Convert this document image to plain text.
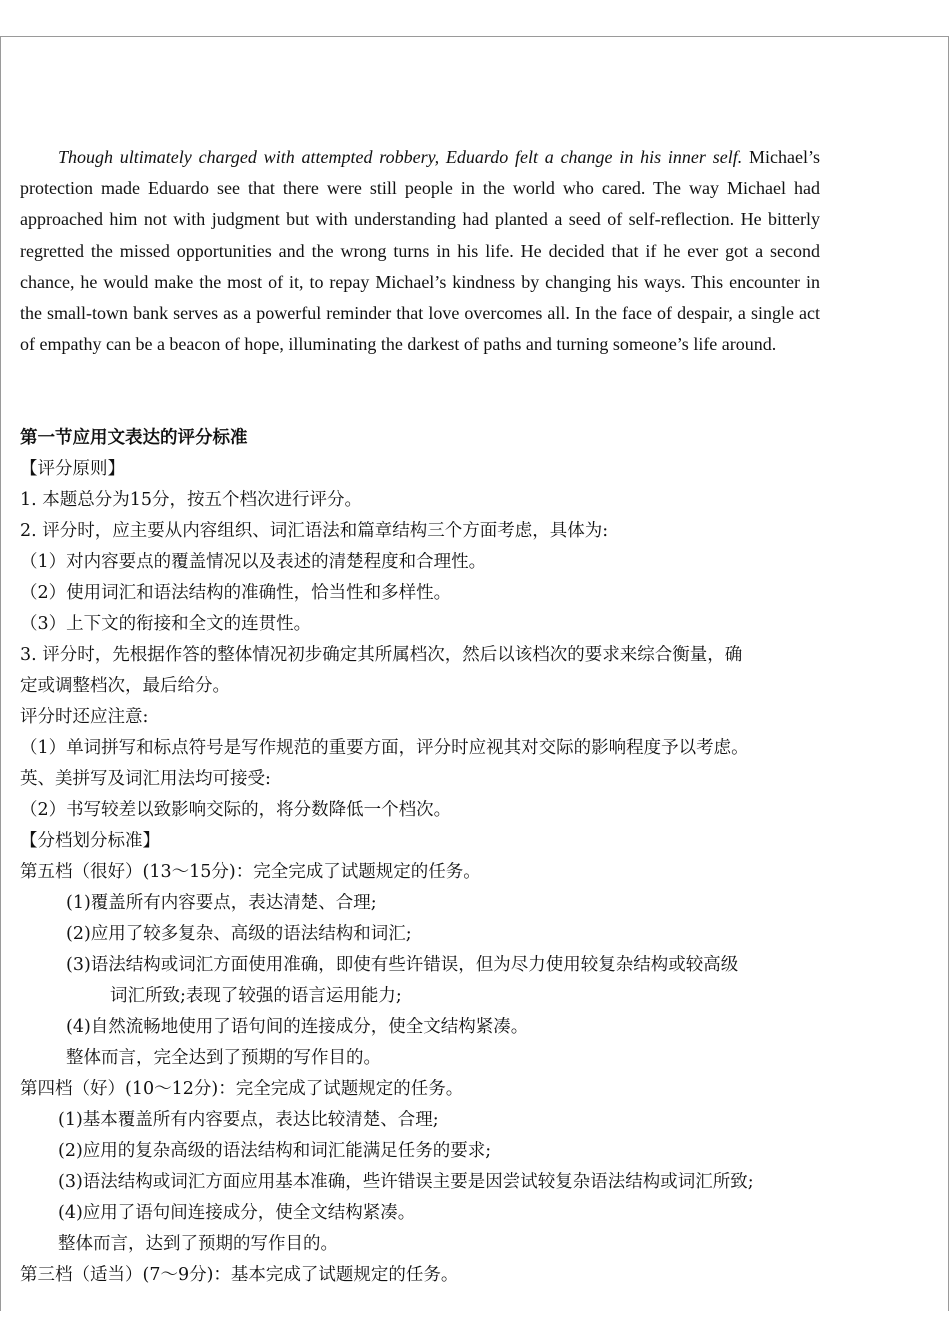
Though ultimately charged with attempted robbery, Eduardo felt a change in his inner self. Michael’s protection made Eduardo see that there were still people in the world who cared. The way Michael had approached him not with judgment but with understanding had planted a seed of self-reflection. He bitterly regretted the missed opportunities and the wrong turns in his life. He decided that if he ever got a second chance, he would make the most of it, to repay Michael’s kindness by changing his ways. This encounter in the small-town bank serves as a powerful reminder that love overcomes all. In the face of despair, a single act of empathy can be a beacon of hope, illuminating the darkest of paths and turning someone’s life around.
第一节应用文表达的评分标准
【评分原则】
1. 本题总分为15分，按五个档次进行评分。
2. 评分时，应主要从内容组织、词汇语法和篇章结构三个方面考虑，具体为:
（1）对内容要点的覆盖情况以及表述的清楚程度和合理性。
（2）使用词汇和语法结构的准确性，恰当性和多样性。
（3）上下文的衔接和全文的连贯性。
3. 评分时，先根据作答的整体情况初步确定其所属档次，然后以该档次的要求来综合衡量，确
定或调整档次，最后给分。
评分时还应注意:
（1）单词拼写和标点符号是写作规范的重要方面，评分时应视其对交际的影响程度予以考虑。
英、美拼写及词汇用法均可接受:
（2）书写较差以致影响交际的，将分数降低一个档次。
【分档划分标准】
第五档（很好）(13～15分)：完全完成了试题规定的任务。
(1)覆盖所有内容要点，表达清楚、合理;
(2)应用了较多复杂、高级的语法结构和词汇;
(3)语法结构或词汇方面使用准确，即使有些许错误，但为尽力使用较复杂结构或较高级
词汇所致;表现了较强的语言运用能力;
(4)自然流畅地使用了语句间的连接成分，使全文结构紧凑。
整体而言，完全达到了预期的写作目的。
第四档（好）(10～12分)：完全完成了试题规定的任务。
(1)基本覆盖所有内容要点，表达比较清楚、合理;
(2)应用的复杂高级的语法结构和词汇能满足任务的要求;
(3)语法结构或词汇方面应用基本准确，些许错误主要是因尝试较复杂语法结构或词汇所致;
(4)应用了语句间连接成分，使全文结构紧凑。
整体而言，达到了预期的写作目的。
第三档（适当）(7～9分)：基本完成了试题规定的任务。
